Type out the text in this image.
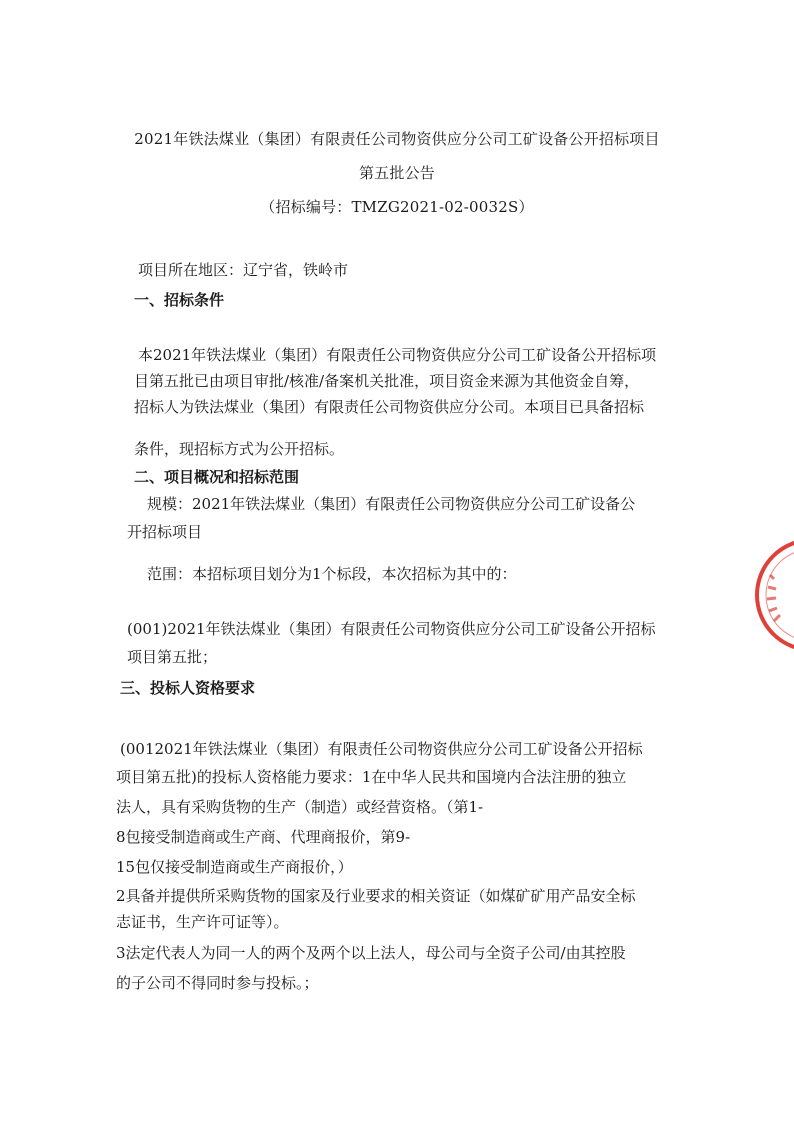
2021年铁法煤业（集团）有限责任公司物资供应分公司工矿设备公开招标项目
第五批公告
（招标编号：TMZG2021-02-0032S）
项目所在地区：辽宁省，铁岭市
一、招标条件
本2021年铁法煤业（集团）有限责任公司物资供应分公司工矿设备公开招标项
目第五批已由项目审批/核准/备案机关批准，项目资金来源为其他资金自筹，
招标人为铁法煤业（集团）有限责任公司物资供应分公司。本项目已具备招标
条件，现招标方式为公开招标。
二、项目概况和招标范围
规模：2021年铁法煤业（集团）有限责任公司物资供应分公司工矿设备公
开招标项目
范围：本招标项目划分为1个标段，本次招标为其中的：
(001)2021年铁法煤业（集团）有限责任公司物资供应分公司工矿设备公开招标
项目第五批；
三、投标人资格要求
(0012021年铁法煤业（集团）有限责任公司物资供应分公司工矿设备公开招标
项目第五批)的投标人资格能力要求：1在中华人民共和国境内合法注册的独立
法人，具有采购货物的生产（制造）或经营资格。（第1-
8包接受制造商或生产商、代理商报价，第9-
15包仅接受制造商或生产商报价，）
2具备并提供所采购货物的国家及行业要求的相关资证（如煤矿矿用产品安全标
志证书，生产许可证等）。
3法定代表人为同一人的两个及两个以上法人，母公司与全资子公司/由其控股
的子公司不得同时参与投标。；
